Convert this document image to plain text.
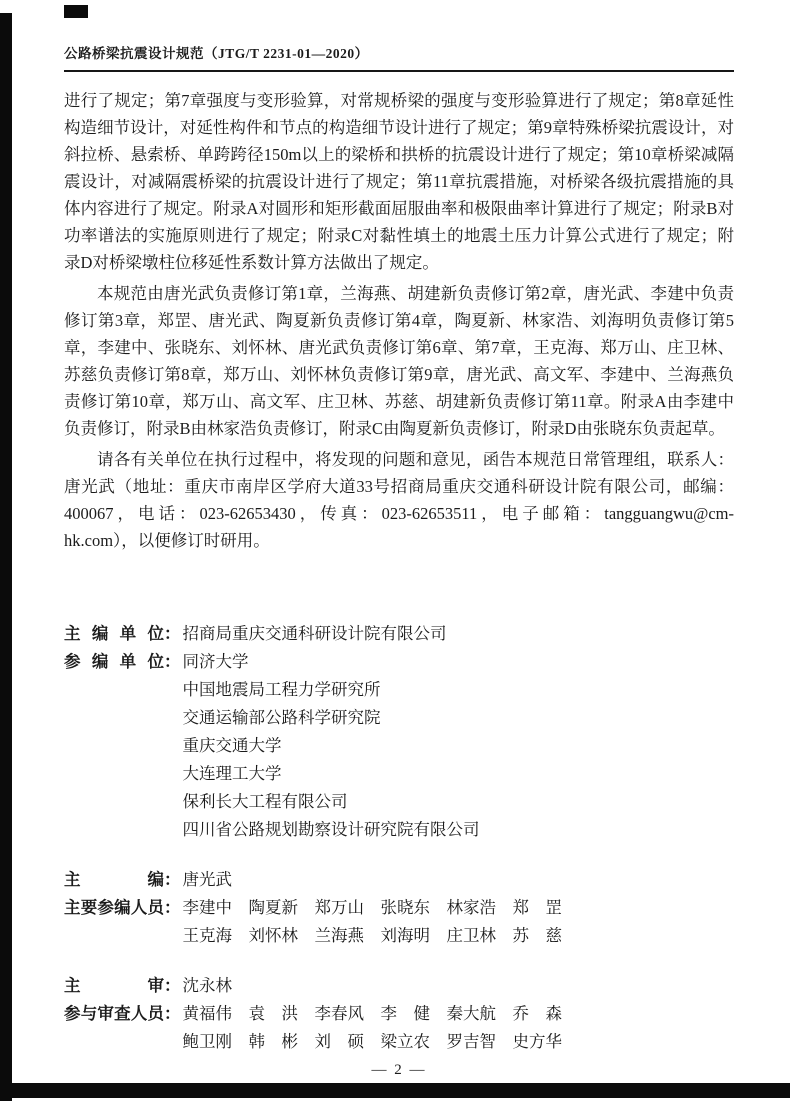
公路桥梁抗震设计规范（JTG/T 2231-01—2020）

进行了规定；第7章强度与变形验算，对常规桥梁的强度与变形验算进行了规定；第8章延性构造细节设计，对延性构件和节点的构造细节设计进行了规定；第9章特殊桥梁抗震设计，对斜拉桥、悬索桥、单跨跨径150m以上的梁桥和拱桥的抗震设计进行了规定；第10章桥梁减隔震设计，对减隔震桥梁的抗震设计进行了规定；第11章抗震措施，对桥梁各级抗震措施的具体内容进行了规定。附录A对圆形和矩形截面屈服曲率和极限曲率计算进行了规定；附录B对功率谱法的实施原则进行了规定；附录C对黏性填土的地震土压力计算公式进行了规定；附录D对桥梁墩柱位移延性系数计算方法做出了规定。

本规范由唐光武负责修订第1章，兰海燕、胡建新负责修订第2章，唐光武、李建中负责修订第3章，郑罡、唐光武、陶夏新负责修订第4章，陶夏新、林家浩、刘海明负责修订第5章，李建中、张晓东、刘怀林、唐光武负责修订第6章、第7章，王克海、郑万山、庄卫林、苏慈负责修订第8章，郑万山、刘怀林负责修订第9章，唐光武、高文军、李建中、兰海燕负责修订第10章，郑万山、高文军、庄卫林、苏慈、胡建新负责修订第11章。附录A由李建中负责修订，附录B由林家浩负责修订，附录C由陶夏新负责修订，附录D由张晓东负责起草。

请各有关单位在执行过程中，将发现的问题和意见，函告本规范日常管理组，联系人：唐光武（地址：重庆市南岸区学府大道33号招商局重庆交通科研设计院有限公司，邮编：400067，电话：023-62653430，传真：023-62653511，电子邮箱：tangguangwu@cm-hk.com），以便修订时研用。

主编单位： 招商局重庆交通科研设计院有限公司
参编单位： 同济大学
中国地震局工程力学研究所
交通运输部公路科学研究院
重庆交通大学
大连理工大学
保利长大工程有限公司
四川省公路规划勘察设计研究院有限公司
主编： 唐光武
主要参编人员： 李建中　陶夏新　郑万山　张晓东　林家浩　郑　罡
王克海　刘怀林　兰海燕　刘海明　庄卫林　苏　慈
主审： 沈永林
参与审查人员： 黄福伟　袁　洪　李春风　李　健　秦大航　乔　森
鲍卫刚　韩　彬　刘　硕　梁立农　罗吉智　史方华
— 2 —
